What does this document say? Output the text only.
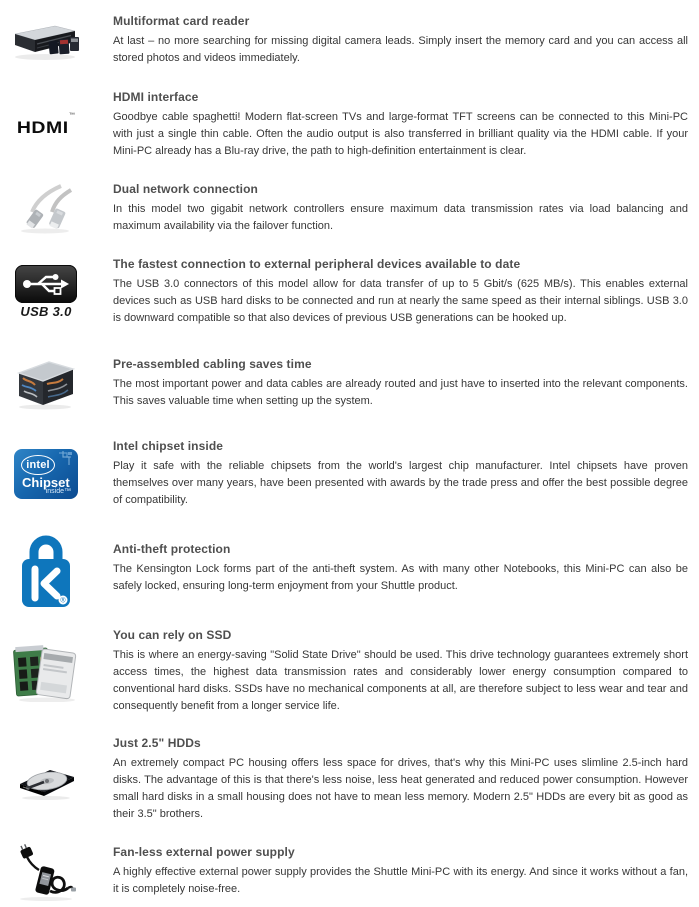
Multiformat card reader

At last – no more searching for missing digital camera leads. Simply insert the memory card and you can access all stored photos and videos immediately.

HDMI™
HDMI interface

Goodbye cable spaghetti! Modern flat-screen TVs and large-format TFT screens can be connected to this Mini-PC with just a single thin cable. Often the audio output is also transferred in brilliant quality via the HDMI cable. If your Mini-PC already has a Blu-ray drive, the path to high-definition entertainment is clear.

Dual network connection

In this model two gigabit network controllers ensure maximum data transmission rates via load balancing and maximum availability via the failover function.

USB 3.0
The fastest connection to external peripheral devices available to date

The USB 3.0 connectors of this model allow for data transfer of up to 5 Gbit/s (625 MB/s). This enables external devices such as USB hard disks to be connected and run at nearly the same speed as their internal siblings. USB 3.0 is downward compatible so that also devices of previous USB generations can be hooked up.

Pre-assembled cabling saves time

The most important power and data cables are already routed and just have to inserted into the relevant components. This saves valuable time when setting up the system.

intel
Chipset
inside™
Intel chipset inside

Play it safe with the reliable chipsets from the world's largest chip manufacturer. Intel chipsets have proven themselves over many years, have been presented with awards by the trade press and offer the best possible degree of compatibility.

®
Anti-theft protection

The Kensington Lock forms part of the anti-theft system. As with many other Notebooks, this Mini-PC can also be safely locked, ensuring long-term enjoyment from your Shuttle product.

You can rely on SSD

This is where an energy-saving "Solid State Drive" should be used. This drive technology guarantees extremely short access times, the highest data transmission rates and considerably lower energy consumption compared to conventional hard disks. SSDs have no mechanical components at all, are therefore subject to less wear and tear and consequently benefit from a longer service life.

Just 2.5" HDDs

An extremely compact PC housing offers less space for drives, that's why this Mini-PC uses slimline 2.5-inch hard disks. The advantage of this is that there's less noise, less heat generated and reduced power consumption. However small hard disks in a small housing does not have to mean less memory. Modern 2.5" HDDs are every bit as good as their 3.5" brothers.

Fan-less external power supply

A highly effective external power supply provides the Shuttle Mini-PC with its energy. And since it works without a fan, it is completely noise-free.
